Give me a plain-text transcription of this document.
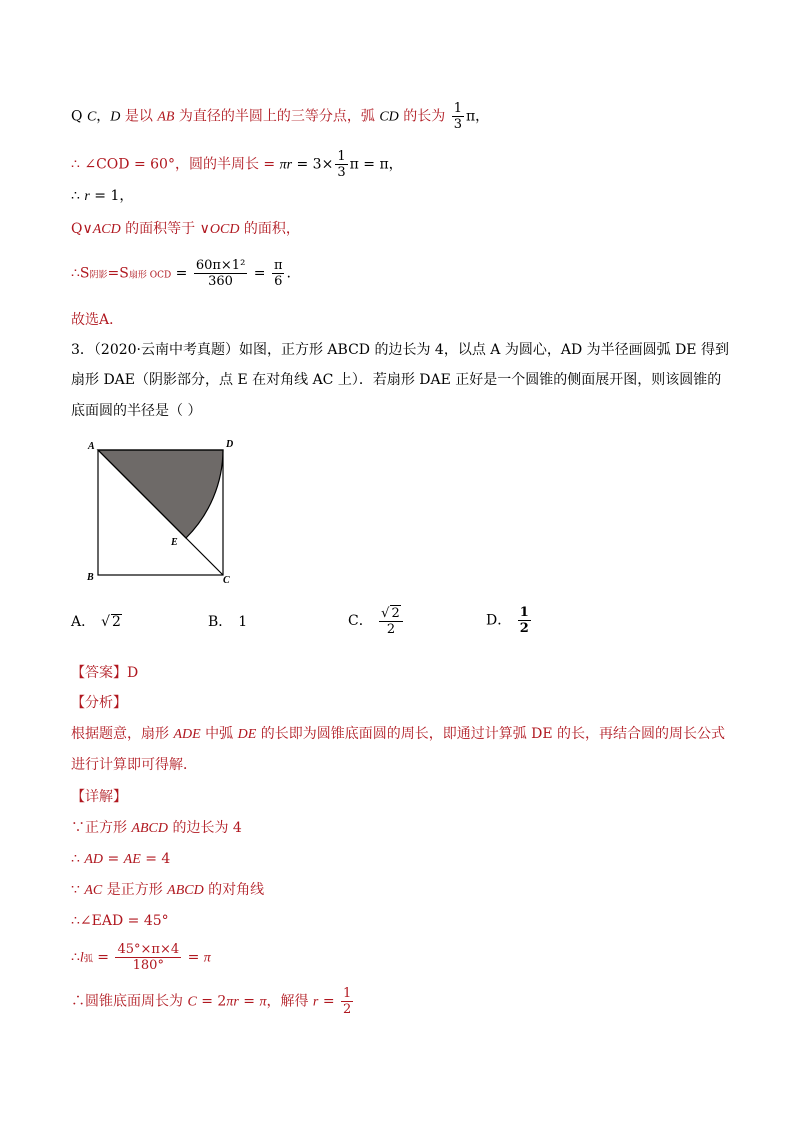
Q C，D 是以 AB 为直径的半圆上的三等分点，弧 CD 的长为 $\frac{1}{3}$ π，
∴ ∠COD = 60°，圆的半周长 = $\pi r = 3\times \frac{1}{3}$ π = π，
∴ r = 1，
Q∨ACD 的面积等于 ∨OCD 的面积，
∴S阴影=S扇形 OCD = $\frac{\text{60π×1²}}{360} = \frac{\pi}{6}$ .
故选A．
3．（2020·云南中考真题）如图，正方形 ABCD 的边长为 4，以点 A 为圆心，AD 为半径画圆弧 DE 得到
扇形 DAE（阴影部分，点 E 在对角线 AC 上）．若扇形 DAE 正好是一个圆锥的侧面展开图，则该圆锥的
底面圆的半径是（ ）
A	D
B	C
E
A． √ 2	B． 1	C． $\frac{√ 2}{2}$	D． $\frac{1}{2}$
【答案】D
【分析】
根据题意，扇形 ADE 中弧 DE 的长即为圆锥底面圆的周长，即通过计算弧 DE 的长，再结合圆的周长公式
进行计算即可得解．
【详解】
∵正方形 ABCD 的边长为 4
∴ AD = AE = 4
∵ AC 是正方形 ABCD 的对角线
∴∠EAD = 45°
∴l弧 = $\frac{45^\circ\times\pi\times 4}{180^\circ} = \pi$
∴圆锥底面周长为 C = 2πr = π，解得 $r = \frac{1}{2}$
